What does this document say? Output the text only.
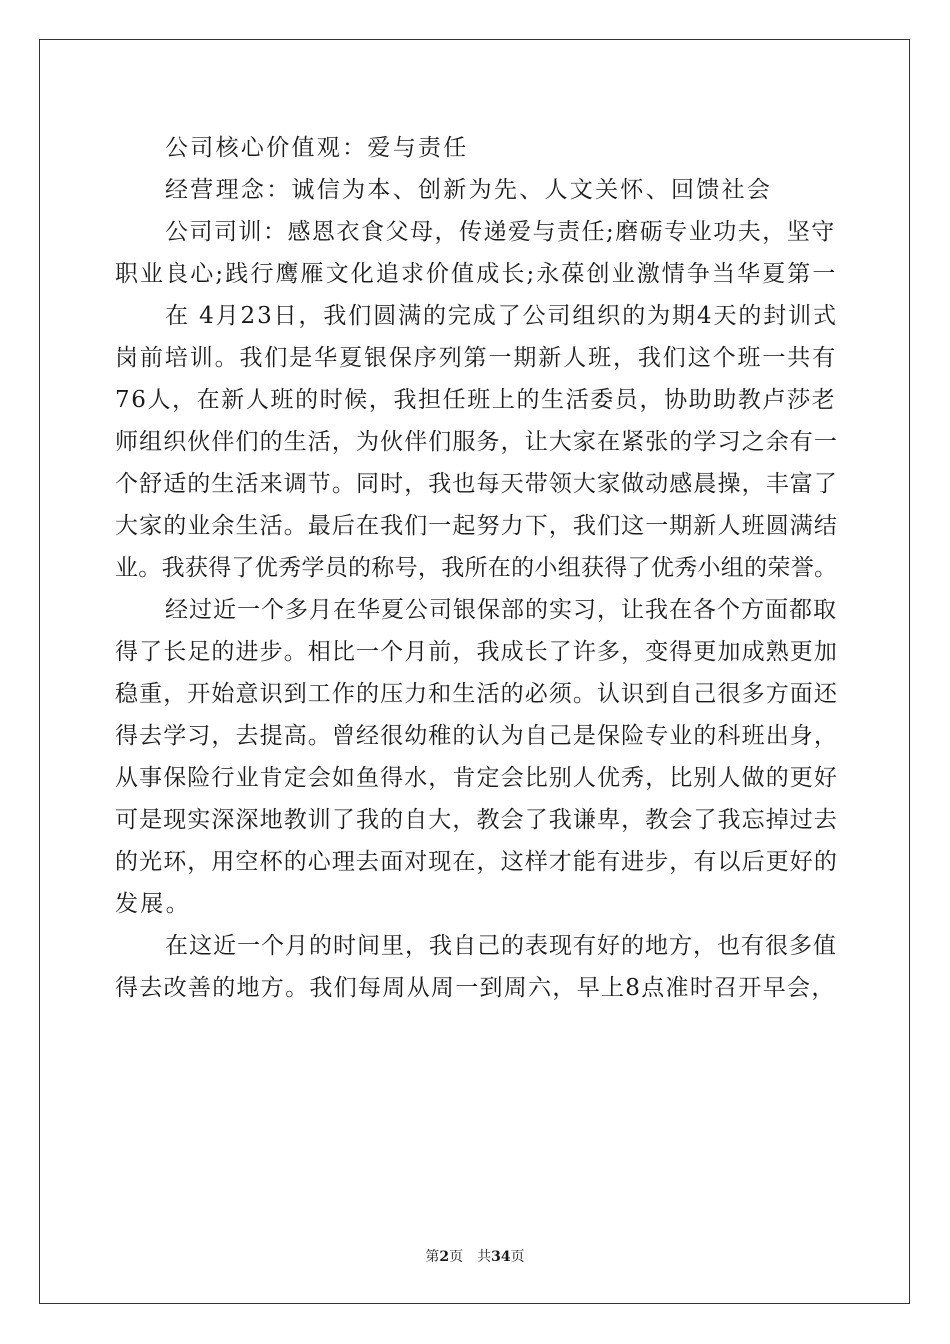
公司核心价值观：爱与责任
经营理念：诚信为本、创新为先、人文关怀、回馈社会
公司司训：感恩衣食父母，传递爱与责任;磨砺专业功夫，坚守
职业良心;践行鹰雁文化追求价值成长;永葆创业激情争当华夏第一
在 4月23日，我们圆满的完成了公司组织的为期4天的封训式
岗前培训。我们是华夏银保序列第一期新人班，我们这个班一共有
76人，在新人班的时候，我担任班上的生活委员，协助助教卢莎老
师组织伙伴们的生活，为伙伴们服务，让大家在紧张的学习之余有一
个舒适的生活来调节。同时，我也每天带领大家做动感晨操，丰富了
大家的业余生活。最后在我们一起努力下，我们这一期新人班圆满结
业。我获得了优秀学员的称号，我所在的小组获得了优秀小组的荣誉。
经过近一个多月在华夏公司银保部的实习，让我在各个方面都取
得了长足的进步。相比一个月前，我成长了许多，变得更加成熟更加
稳重，开始意识到工作的压力和生活的必须。认识到自己很多方面还
得去学习，去提高。曾经很幼稚的认为自己是保险专业的科班出身，
从事保险行业肯定会如鱼得水，肯定会比别人优秀，比别人做的更好
可是现实深深地教训了我的自大，教会了我谦卑，教会了我忘掉过去
的光环，用空杯的心理去面对现在，这样才能有进步，有以后更好的
发展。
在这近一个月的时间里，我自己的表现有好的地方，也有很多值
得去改善的地方。我们每周从周一到周六，早上8点准时召开早会，
第2页 共34页
